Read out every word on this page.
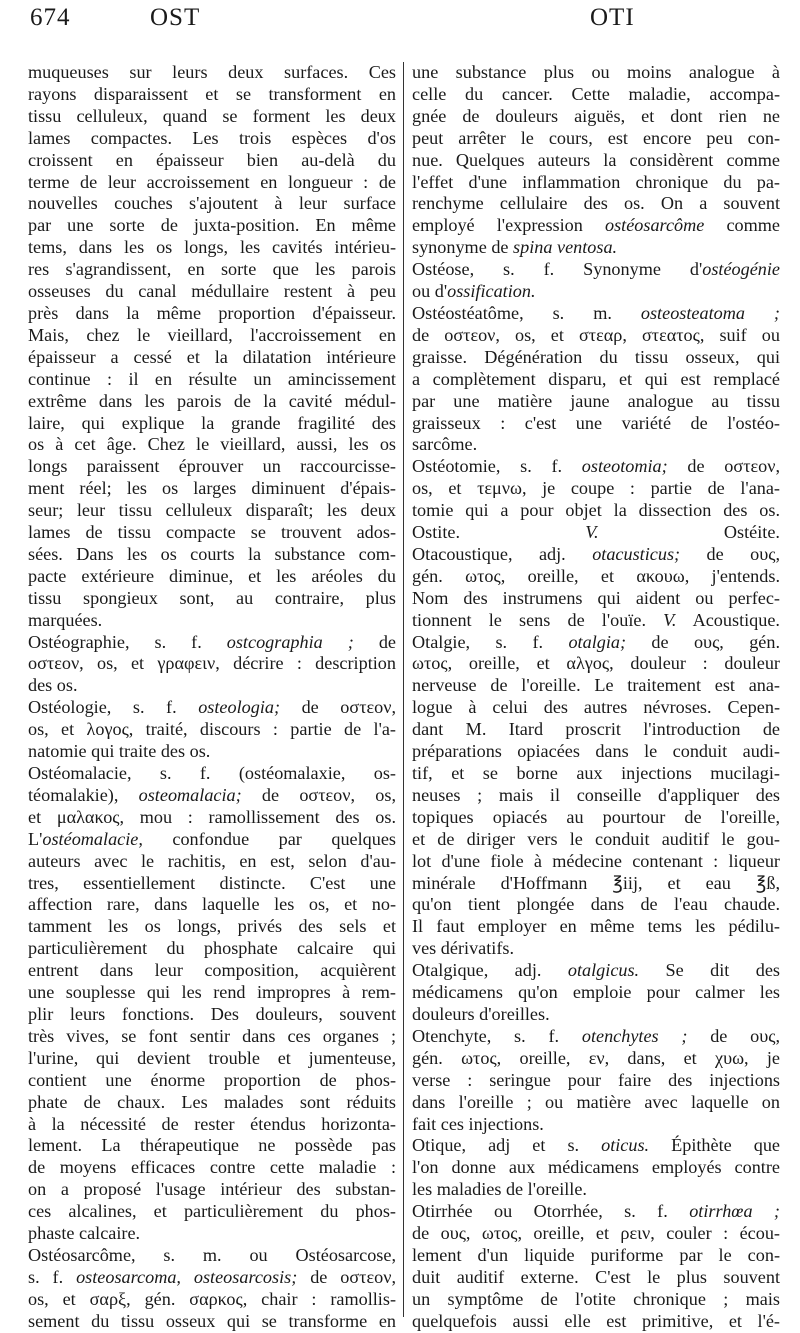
674	OST	OTI
muqueuses sur leurs deux surfaces. Ces
rayons disparaissent et se transforment en
tissu celluleux, quand se forment les deux
lames compactes. Les trois espèces d'os
croissent en épaisseur bien au-delà du
terme de leur accroissement en longueur : de
nouvelles couches s'ajoutent à leur surface
par une sorte de juxta-position. En même
tems, dans les os longs, les cavités intérieu-
res s'agrandissent, en sorte que les parois
osseuses du canal médullaire restent à peu
près dans la même proportion d'épaisseur.
Mais, chez le vieillard, l'accroissement en
épaisseur a cessé et la dilatation intérieure
continue : il en résulte un amincissement
extrême dans les parois de la cavité médul-
laire, qui explique la grande fragilité des
os à cet âge. Chez le vieillard, aussi, les os
longs paraissent éprouver un raccourcisse-
ment réel; les os larges diminuent d'épais-
seur; leur tissu celluleux disparaît; les deux
lames de tissu compacte se trouvent ados-
sées. Dans les os courts la substance com-
pacte extérieure diminue, et les aréoles du
tissu spongieux sont, au contraire, plus
marquées.
Ostéographie, s. f. ostcographia ; de
οστεον, os, et γραφειν, décrire : description
des os.
Ostéologie, s. f. osteologia; de οστεον,
os, et λογος, traité, discours : partie de l'a-
natomie qui traite des os.
Ostéomalacie, s. f. (ostéomalaxie, os-
téomalakie), osteomalacia; de οστεον, os,
et μαλακος, mou : ramollissement des os.
L'ostéomalacie, confondue par quelques
auteurs avec le rachitis, en est, selon d'au-
tres, essentiellement distincte. C'est une
affection rare, dans laquelle les os, et no-
tamment les os longs, privés des sels et
particulièrement du phosphate calcaire qui
entrent dans leur composition, acquièrent
une souplesse qui les rend impropres à rem-
plir leurs fonctions. Des douleurs, souvent
très vives, se font sentir dans ces organes ;
l'urine, qui devient trouble et jumenteuse,
contient une énorme proportion de phos-
phate de chaux. Les malades sont réduits
à la nécessité de rester étendus horizonta-
lement. La thérapeutique ne possède pas
de moyens efficaces contre cette maladie :
on a proposé l'usage intérieur des substan-
ces alcalines, et particulièrement du phos-
phaste calcaire.
Ostéosarcôme, s. m. ou Ostéosarcose,
s. f. osteosarcoma, osteosarcosis; de οστεον,
os, et σαρξ, gén. σαρκος, chair : ramollis-
sement du tissu osseux qui se transforme en
une substance plus ou moins analogue à
celle du cancer. Cette maladie, accompa-
gnée de douleurs aiguës, et dont rien ne
peut arrêter le cours, est encore peu con-
nue. Quelques auteurs la considèrent comme
l'effet d'une inflammation chronique du pa-
renchyme cellulaire des os. On a souvent
employé l'expression ostéosarcôme comme
synonyme de spina ventosa.
Ostéose, s. f. Synonyme d'ostéogénie
ou d'ossification.
Ostéostéatôme, s. m. osteosteatoma ;
de οστεον, os, et στεαρ, στεατος, suif ou
graisse. Dégénération du tissu osseux, qui
a complètement disparu, et qui est remplacé
par une matière jaune analogue au tissu
graisseux : c'est une variété de l'ostéo-
sarcôme.
Ostéotomie, s. f. osteotomia; de οστεον,
os, et τεμνω, je coupe : partie de l'ana-
tomie qui a pour objet la dissection des os.
Ostite. V. Ostéite.
Otacoustique, adj. otacusticus; de ους,
gén. ωτος, oreille, et ακουω, j'entends.
Nom des instrumens qui aident ou perfec-
tionnent le sens de l'ouïe. V. Acoustique.
Otalgie, s. f. otalgia; de ους, gén.
ωτος, oreille, et αλγος, douleur : douleur
nerveuse de l'oreille. Le traitement est ana-
logue à celui des autres névroses. Cepen-
dant M. Itard proscrit l'introduction de
préparations opiacées dans le conduit audi-
tif, et se borne aux injections mucilagi-
neuses ; mais il conseille d'appliquer des
topiques opiacés au pourtour de l'oreille,
et de diriger vers le conduit auditif le gou-
lot d'une fiole à médecine contenant : liqueur
minérale d'Hoffmann ℥iij, et eau ℥ß,
qu'on tient plongée dans de l'eau chaude.
Il faut employer en même tems les pédilu-
ves dérivatifs.
Otalgique, adj. otalgicus. Se dit des
médicamens qu'on emploie pour calmer les
douleurs d'oreilles.
Otenchyte, s. f. otenchytes ; de ους,
gén. ωτος, oreille, εν, dans, et χυω, je
verse : seringue pour faire des injections
dans l'oreille ; ou matière avec laquelle on
fait ces injections.
Otique, adj et s. oticus. Épithète que
l'on donne aux médicamens employés contre
les maladies de l'oreille.
Otirrhée ou Otorrhée, s. f. otirrhœa ;
de ους, ωτος, oreille, et ρειν, couler : écou-
lement d'un liquide puriforme par le con-
duit auditif externe. C'est le plus souvent
un symptôme de l'otite chronique ; mais
quelquefois aussi elle est primitive, et l'é-
